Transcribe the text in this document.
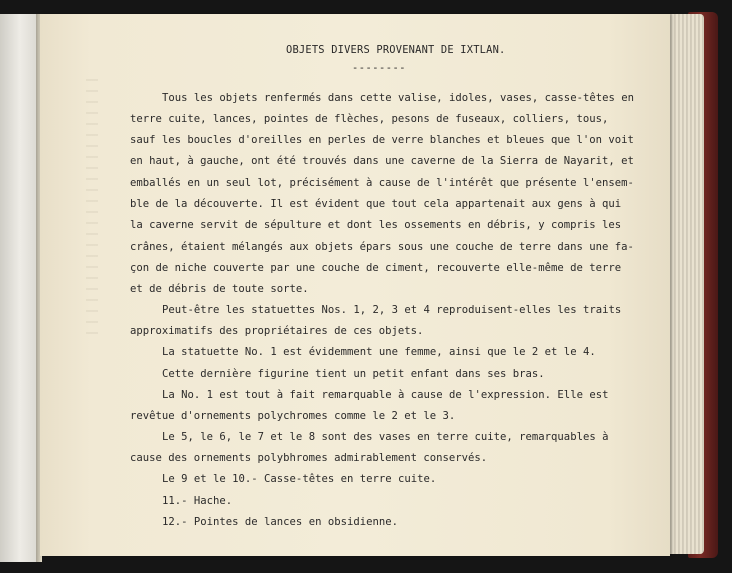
OBJETS DIVERS PROVENANT DE IXTLAN.
--------
Tous les objets renfermés dans cette valise, idoles, vases, casse-têtes en
terre cuite, lances, pointes de flèches, pesons de fuseaux, colliers, tous,
sauf les boucles d'oreilles en perles de verre blanches et bleues que l'on voit
en haut, à gauche, ont été trouvés dans une caverne de la Sierra de Nayarit, et
emballés en un seul lot, précisément à cause de l'intérêt que présente l'ensem-
ble de la découverte. Il est évident que tout cela appartenait aux gens à qui
la caverne servit de sépulture et dont les ossements en débris, y compris les
crânes, étaient mélangés aux objets épars sous une couche de terre dans une fa-
çon de niche couverte par une couche de ciment, recouverte elle-même de terre
et de débris de toute sorte.
Peut-être les statuettes Nos. 1, 2, 3 et 4 reproduisent-elles les traits
approximatifs des propriétaires de ces objets.
La statuette No. 1 est évidemment une femme, ainsi que le 2 et le 4.
Cette dernière figurine tient un petit enfant dans ses bras.
La No. 1 est tout à fait remarquable à cause de l'expression. Elle est
revêtue d'ornements polychromes comme le 2 et le 3.
Le 5, le 6, le 7 et le 8 sont des vases en terre cuite, remarquables à
cause des ornements polybhromes admirablement conservés.
Le 9 et le 10.- Casse-têtes en terre cuite.
11.- Hache.
12.- Pointes de lances en obsidienne.
